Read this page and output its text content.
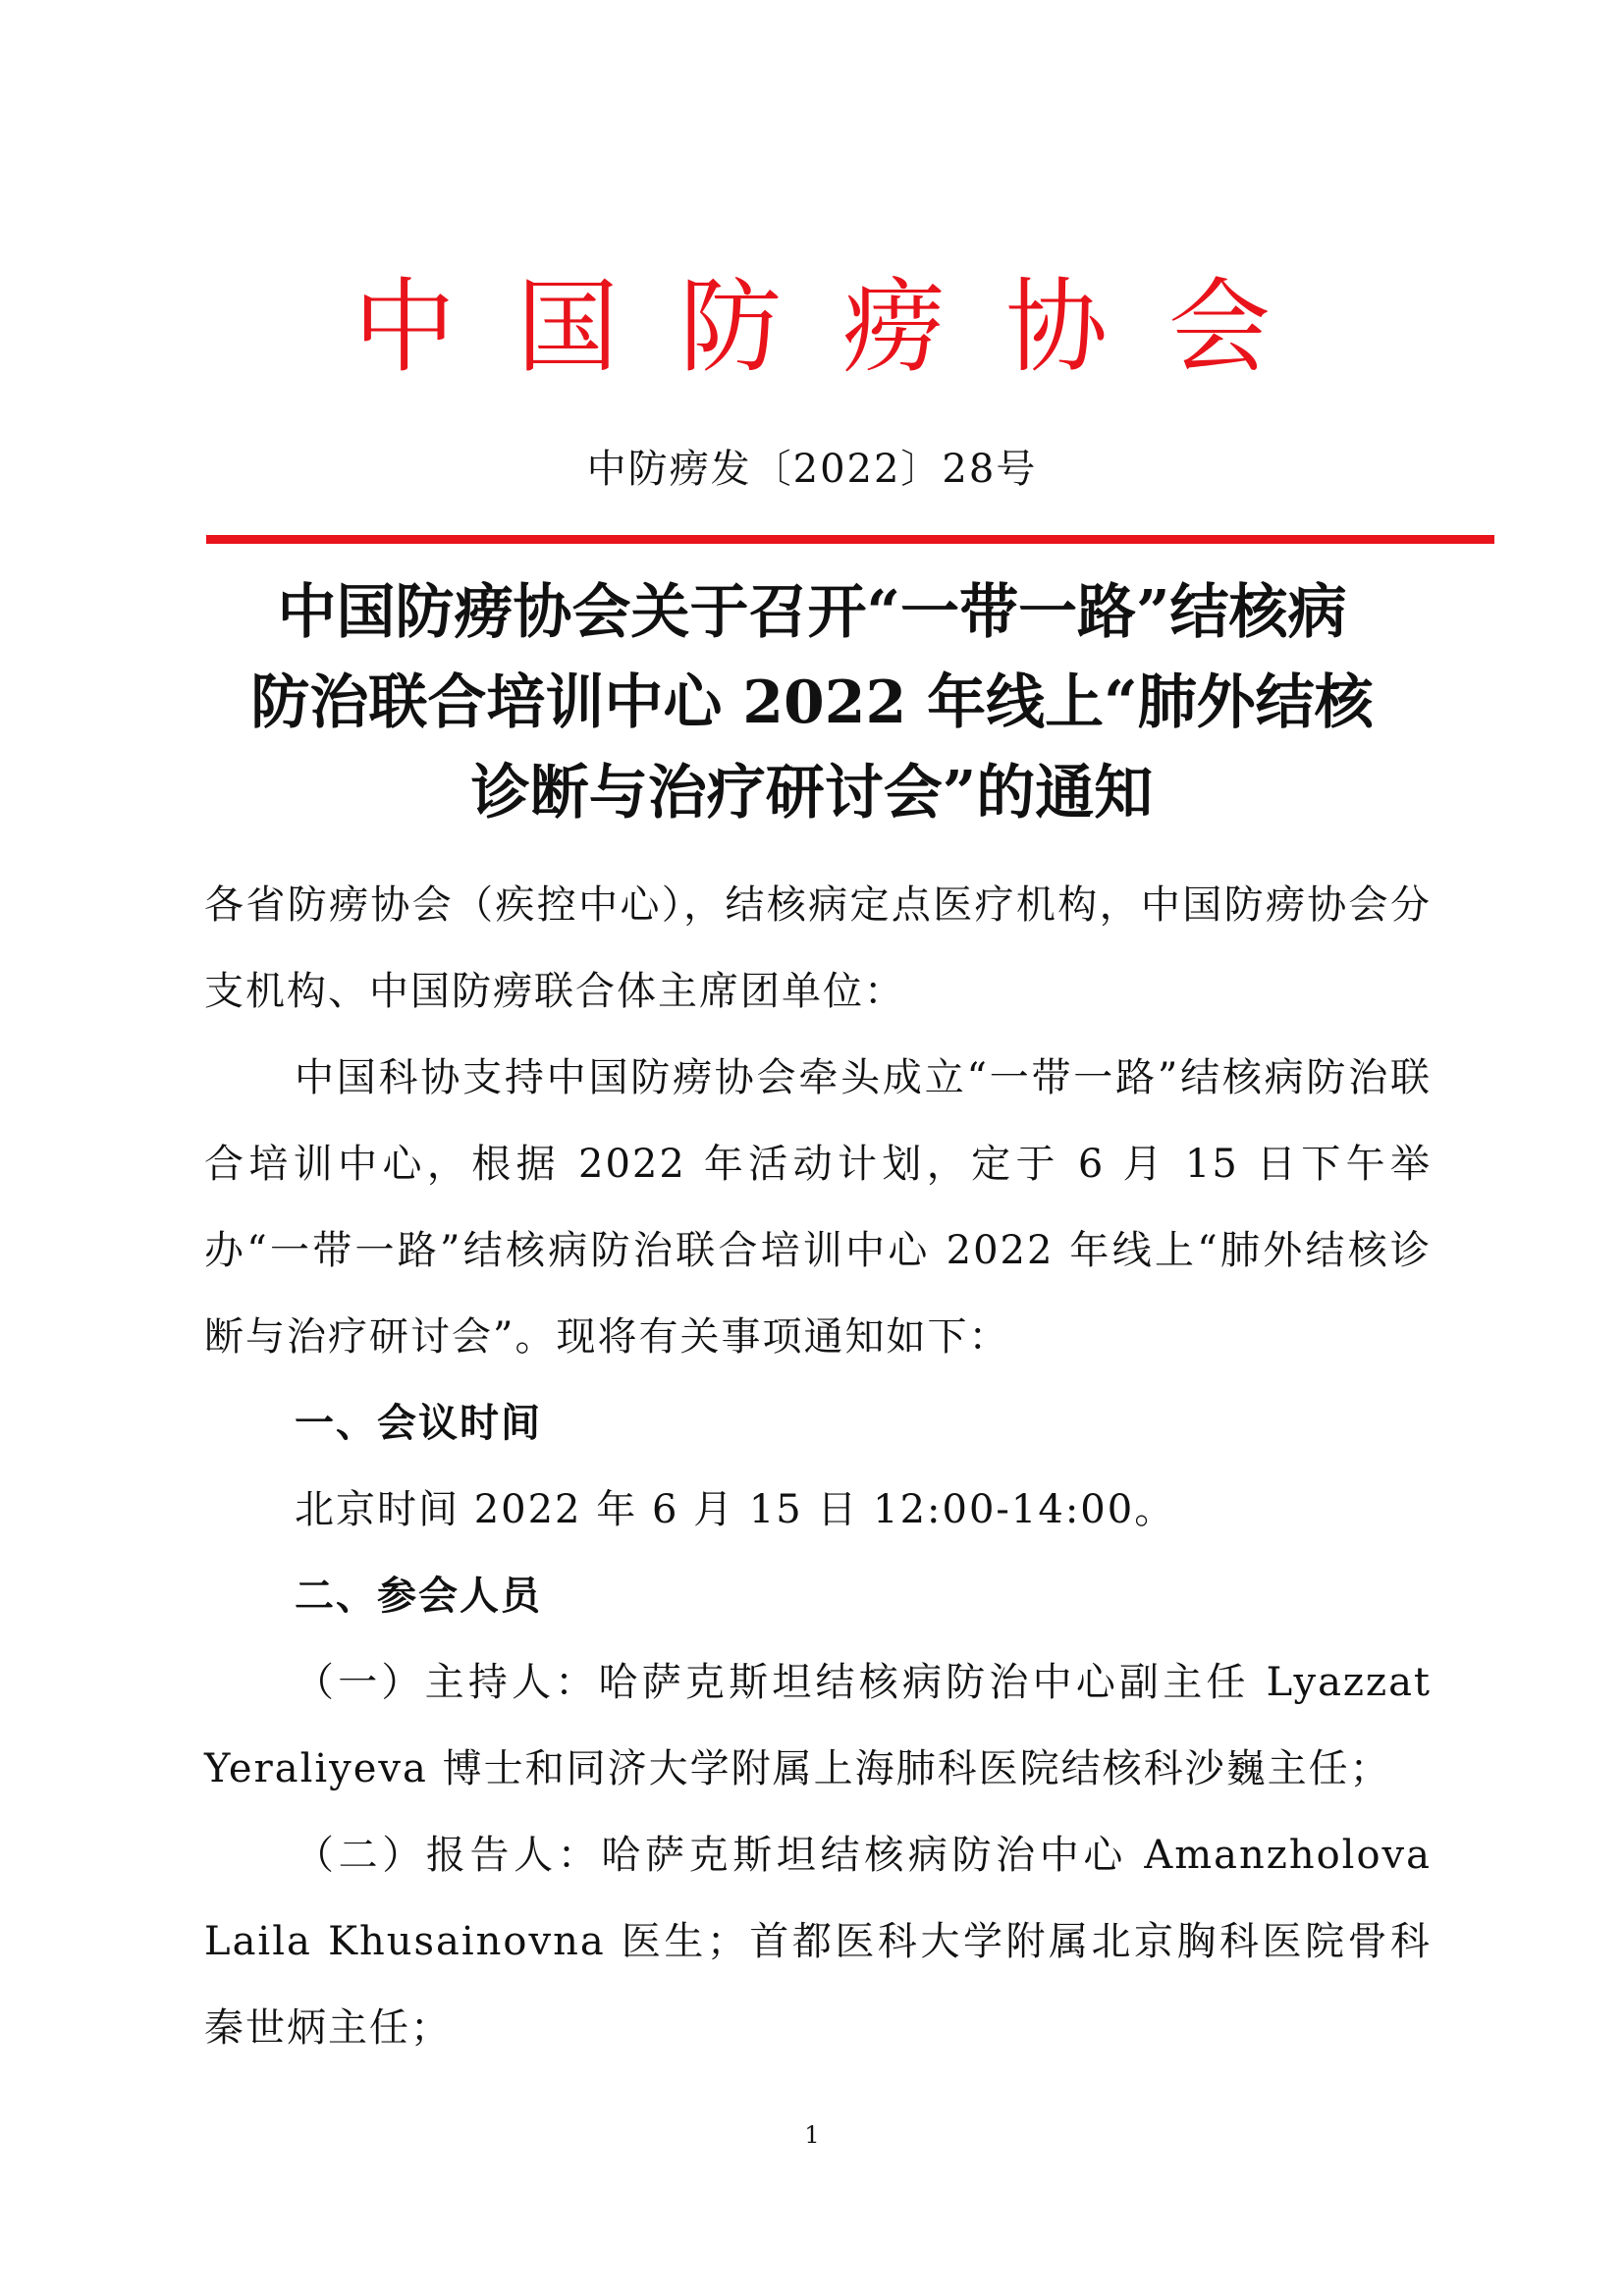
中国防痨协会
中防痨发〔2022〕28号
中国防痨协会关于召开“一带一路”结核病
防治联合培训中心 2022 年线上“肺外结核
诊断与治疗研讨会”的通知

各省防痨协会（疾控中心），结核病定点医疗机构，中国防痨协会分支机构、中国防痨联合体主席团单位：

中国科协支持中国防痨协会牵头成立“一带一路”结核病防治联合培训中心，根据 2022 年活动计划，定于 6 月 15 日下午举办“一带一路”结核病防治联合培训中心 2022 年线上“肺外结核诊断与治疗研讨会”。现将有关事项通知如下：

一、会议时间

北京时间 2022 年 6 月 15 日 12:00-14:00。

二、参会人员

（一）主持人：哈萨克斯坦结核病防治中心副主任 Lyazzat Yeraliyeva 博士和同济大学附属上海肺科医院结核科沙巍主任；

（二）报告人：哈萨克斯坦结核病防治中心 Amanzholova Laila Khusainovna 医生；首都医科大学附属北京胸科医院骨科秦世炳主任；

1
